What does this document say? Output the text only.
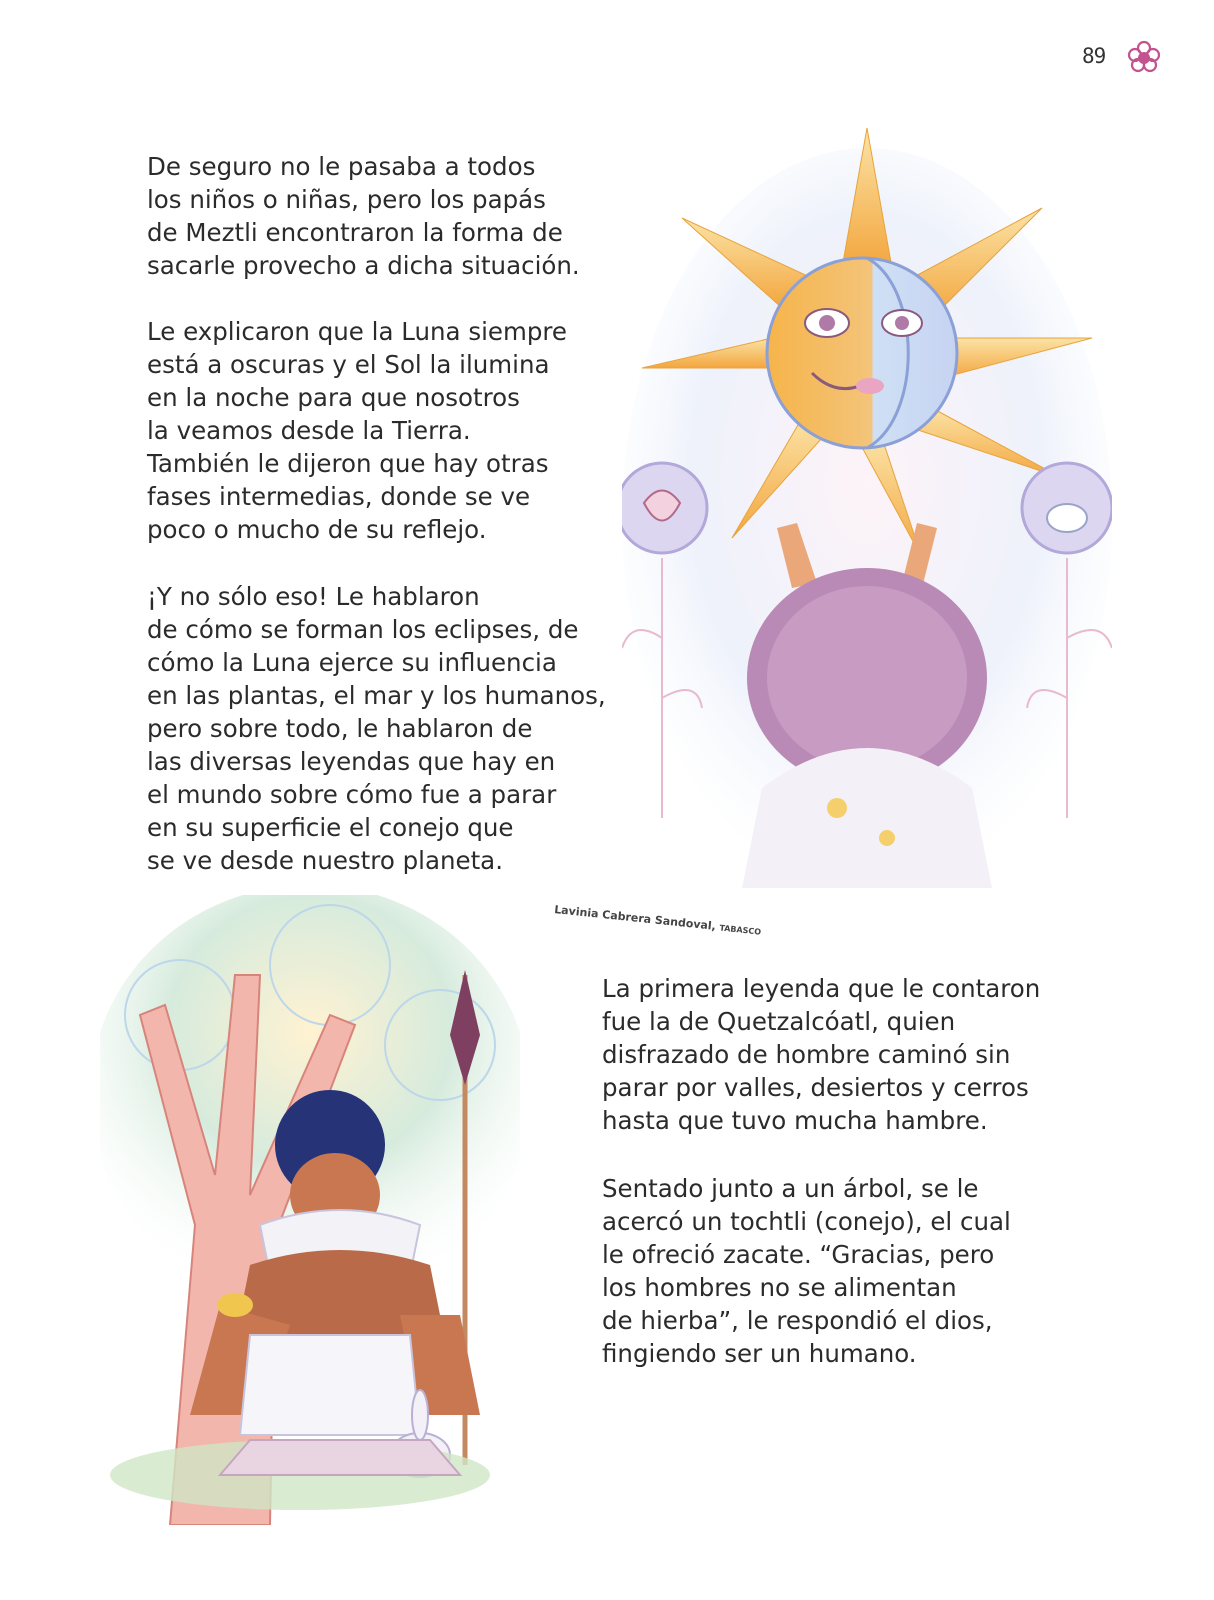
89

De seguro no le pasaba a todos
los niños o niñas, pero los papás
de Meztli encontraron la forma de
sacarle provecho a dicha situación.

Le explicaron que la Luna siempre
está a oscuras y el Sol la ilumina
en la noche para que nosotros
la veamos desde la Tierra.
También le dijeron que hay otras
fases intermedias, donde se ve
poco o mucho de su reflejo.

¡Y no sólo eso! Le hablaron
de cómo se forman los eclipses, de
cómo la Luna ejerce su influencia
en las plantas, el mar y los humanos,
pero sobre todo, le hablaron de
las diversas leyendas que hay en
el mundo sobre cómo fue a parar
en su superficie el conejo que
se ve desde nuestro planeta.

La primera leyenda que le contaron
fue la de Quetzalcóatl, quien
disfrazado de hombre caminó sin
parar por valles, desiertos y cerros
hasta que tuvo mucha hambre.

Sentado junto a un árbol, se le
acercó un tochtli (conejo), el cual
le ofreció zacate. “Gracias, pero
los hombres no se alimentan
de hierba”, le respondió el dios,
fingiendo ser un humano.

Lavinia Cabrera Sandoval, TABASCO
